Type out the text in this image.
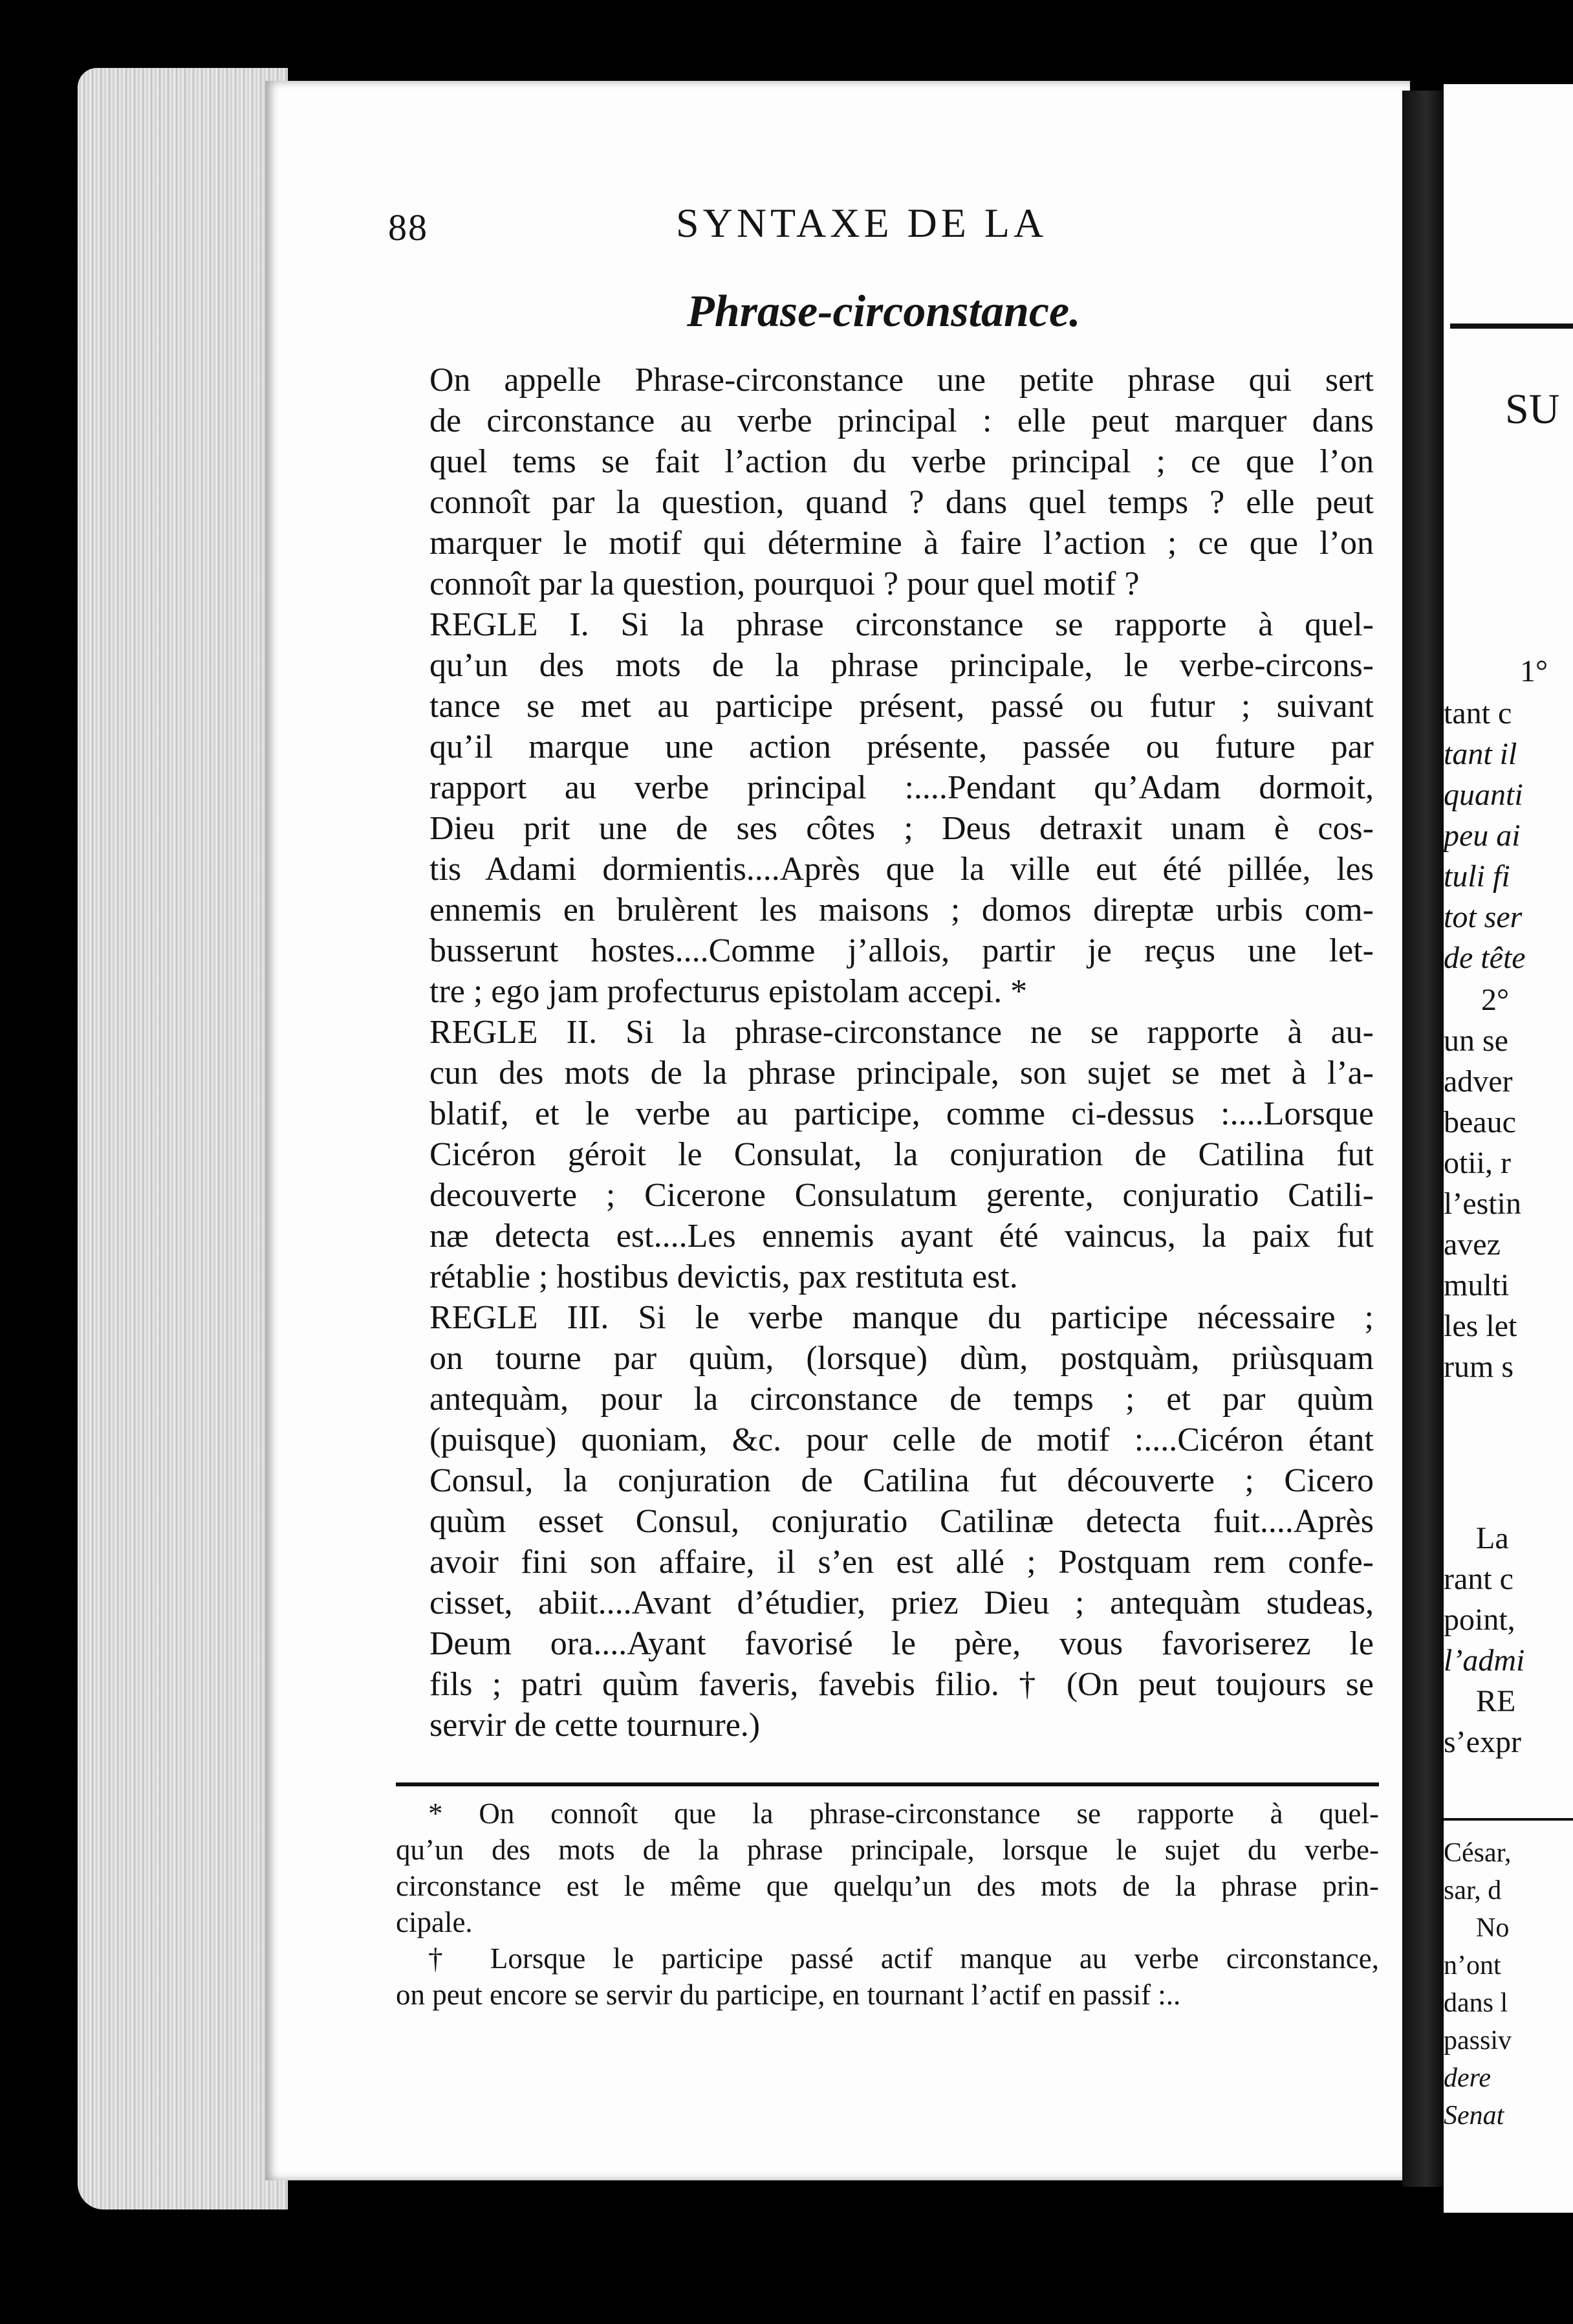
88	SYNTAXE DE LA
Phrase-circonstance.

On appelle Phrase-circonstance une petite phrase qui sert
de circonstance au verbe principal : elle peut marquer dans
quel tems se fait l’action du verbe principal ; ce que l’on
connoît par la question, quand ? dans quel temps ? elle peut
marquer le motif qui détermine à faire l’action ; ce que l’on
connoît par la question, pourquoi ? pour quel motif ?

REGLE I. Si la phrase circonstance se rapporte à quel-
qu’un des mots de la phrase principale, le verbe-circons-
tance se met au participe présent, passé ou futur ; suivant
qu’il marque une action présente, passée ou future par
rapport au verbe principal :....Pendant qu’Adam dormoit,
Dieu prit une de ses côtes ; Deus detraxit unam è cos-
tis Adami dormientis....Après que la ville eut été pillée, les
ennemis en brulèrent les maisons ; domos direptæ urbis com-
busserunt hostes....Comme j’allois, partir je reçus une let-
tre ; ego jam profecturus epistolam accepi. *

REGLE II. Si la phrase-circonstance ne se rapporte à au-
cun des mots de la phrase principale, son sujet se met à l’a-
blatif, et le verbe au participe, comme ci-dessus :....Lorsque
Cicéron géroit le Consulat, la conjuration de Catilina fut
decouverte ; Cicerone Consulatum gerente, conjuratio Catili-
næ detecta est....Les ennemis ayant été vaincus, la paix fut
rétablie ; hostibus devictis, pax restituta est.

REGLE III. Si le verbe manque du participe nécessaire ;
on tourne par quùm, (lorsque) dùm, postquàm, priùsquam
antequàm, pour la circonstance de temps ; et par quùm
(puisque) quoniam, &c. pour celle de motif :....Cicéron étant
Consul, la conjuration de Catilina fut découverte ; Cicero
quùm esset Consul, conjuratio Catilinæ detecta fuit....Après
avoir fini son affaire, il s’en est allé ; Postquam rem confe-
cisset, abiit....Avant d’étudier, priez Dieu ; antequàm studeas,
Deum ora....Ayant favorisé le père, vous favoriserez le
fils ; patri quùm faveris, favebis filio. † (On peut toujours se
servir de cette tournure.)

* On connoît que la phrase-circonstance se rapporte à quel-
qu’un des mots de la phrase principale, lorsque le sujet du verbe-
circonstance est le même que quelqu’un des mots de la phrase prin-
cipale.
† Lorsque le participe passé actif manque au verbe circonstance,
on peut encore se servir du participe, en tournant l’actif en passif :..
SU
1°
tant c
tant il
quanti
peu ai
tuli fi
tot ser
de tête
2°
un se
adver
beauc
otii, r
l’estin
avez
multi
les let
rum s
La
rant c
point,
l’admi
RE
s’expr
César,
sar, d
No
n’ont
dans l
passiv
dere
Senat
